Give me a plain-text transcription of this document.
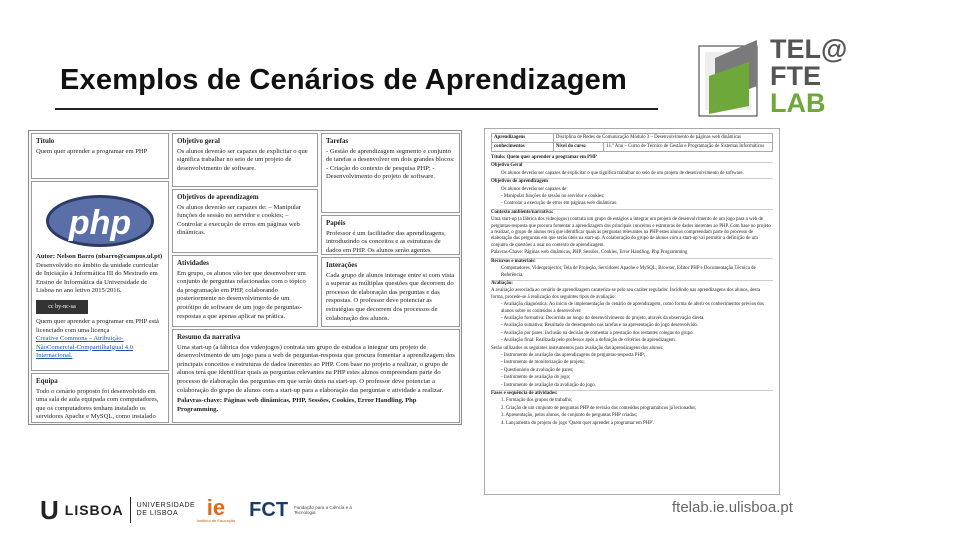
Exemplos de Cenários de Aprendizagem
TEL@
FTE
LAB
Título
Quem quer aprender a programar em PHP
php
Autor: Nelson Barro (nbarro@campus.ul.pt)
Desenvolvido no âmbito da unidade curricular de Iniciação à Informática III do Mestrado em Ensino de Informática da Universidade de Lisboa no ano letivo 2015/2016.
cc by-nc-sa
Quem quer aprender a programar em PHP está licenciado com uma licença
Creative Commons – Atribuição-NãoComercial-CompartilhaIgual 4.0 Internacional.
Equipa
Todo o cenário proposto foi desenvolvido em uma sala de aula equipada com computadores, que os computadores tenham instalado os servidores Apache e MySQL, como instalado
Objetivo geral
Os alunos deverão ser capazes de explicitar o que significa trabalhar no seio de um projeto de desenvolvimento de software.
Objetivos de aprendizagem
Os alunos deverão ser capazes de: – Manipular funções de sessão no servidor e cookies; – Controlar a execução de erros em páginas web dinâmicas.
Atividades
Em grupo, os alunos vão ter que desenvolver um conjunto de perguntas relacionadas com o tópico da programação em PHP, colaborando posteriormente no desenvolvimento de um protótipo de software de um jogo de perguntas-respostas a que apenas aplicar na prática.
Tarefas
- Gestão de aprendizagem segmento e conjunto de tarefas a desenvolver em dois grandes blocos: - Criação do contexto de pesquisa PHP; - Desenvolvimento do projeto de software.
Papéis
Professor é um facilitador das aprendizagens, introduzindo os conceitos e as estruturas de dados em PHP. Os alunos serão agentes
Interações
Cada grupo de alunos interage entre si com vista a superar as múltiplas questões que decorrem do processo de elaboração das perguntas e das respostas. O professor deve potenciar as estratégias que decorrem dos processos de colaboração dos alunos.
Resumo da narrativa
Uma start-up (a fábrica dos videojogos) contrata um grupo de estudos a integrar um projeto de desenvolvimento de um jogo para a web de perguntas-resposta que procura fomentar a aprendizagem dos principais conceitos e estruturas de dados inerentes ao PHP. Com base no projeto a realizar, o grupo de alunos terá que identificar quais as perguntas relevantes na PHP estes alunos compreendam parte do processo de elaboração das perguntas em que serão úteis na start-up. O professor deve potenciar a colaboração do grupo de alunos com a start-up para a elaboração das perguntas e atividade a realizar.
Palavras-chave: Páginas web dinâmicas, PHP, Sessões, Cookies, Error Handling, Php Programming.
Aprendizagens	Disciplina de Redes de Comunicação Módulo 3 – Desenvolvimento de páginas web dinâmicas	
conhecimentos	Nível do curso	11.º Ano – Curso de Técnico de Gestão e Programação de Sistemas Informáticos

Título: Quem quer aprender a programar em PHP

Objetivo Geral

Os alunos deverão ser capazes de explicitar o que significa trabalhar no seio de um projeto de desenvolvimento de software.

Objetivos de aprendizagem

Os alunos deverão ser capazes de:

- Manipular funções de sessão no servidor e cookies;

- Controlar a execução de erros em páginas web dinâmicas.

Contexto ambiente/narrativa:

Uma start-up (a fábrica dos videojogos) contrata um grupo de estágios a integrar um projeto de desenvolvimento de um jogo para a web de perguntas-resposta que procura fomentar a aprendizagem dos principais conceitos e estruturas de dados inerentes ao PHP. Com base no projeto a realizar, o grupo de alunos terá que identificar quais as perguntas relevantes na PHP estes alunos compreendam parte do processo de elaboração das perguntas em que serão úteis na start-up. A colaboração do grupo de alunos com a start-up vai permitir a definição de um conjunto de questões a usar no contexto de aprendizagem.

Palavras-Chave: Páginas web dinâmicas, PHP, Sessões, Cookies, Error Handling, Php Programming

Recursos e materiais:

Computadores, Videoprojector, Tela de Projeção, Servidores Apache e MySQL, Browser, Editor PHP e Documentação Técnica de Referência.

Avaliação:

A avaliação associada ao cenário de aprendizagem carateriza-se pelo seu caráter regulador. Incidindo nas aprendizagens dos alunos, desta forma, procede-se à realização dos seguintes tipos de avaliação:

- Avaliação diagnóstica: Ao início de implementação do cenário de aprendizagem, como forma de aferir os conhecimentos prévios dos alunos sobre os conteúdos a desenvolver.

- Avaliação formativa: Decorrida ao longo do desenvolvimento do projeto, através da observação direta.

- Avaliação sumativa: Resultado do desempenho nas tarefas e na apresentação do jogo desenvolvido.

- Avaliação por pares: Inclusão na decisão de comentar a prestação dos restantes colegas do grupo.

- Avaliação final: Realizada pelo professor após a definição de critérios de aprendizagem.

Serão utilizados os seguintes instrumentos para avaliação das aprendizagens dos alunos:

- Instrumento de avaliação das aprendizagens de perguntas-resposta PHP;

- Instrumento de monitorização de projeto;

- Questionário de avaliação de pares;

- Instrumento de avaliação do jogo;

- Instrumento de avaliação da avaliação do jogo.

Fases e sequência de atividades:

1. Formação dos grupos de trabalho;

2. Criação de um conjunto de perguntas PHP de revisão dos conteúdos programáticos já lecionados;

3. Apresentação, pelos alunos, do conjunto de perguntas PHP criadas;

4. Lançamento do projeto do jogo 'Quem quer aprender a programar em PHP'.

U LISBOA UNIVERSIDADE DE LISBOA	ie
Instituto de Educação FCT Fundação para a Ciência e a Tecnologia	ftelab.ie.ulisboa.pt
